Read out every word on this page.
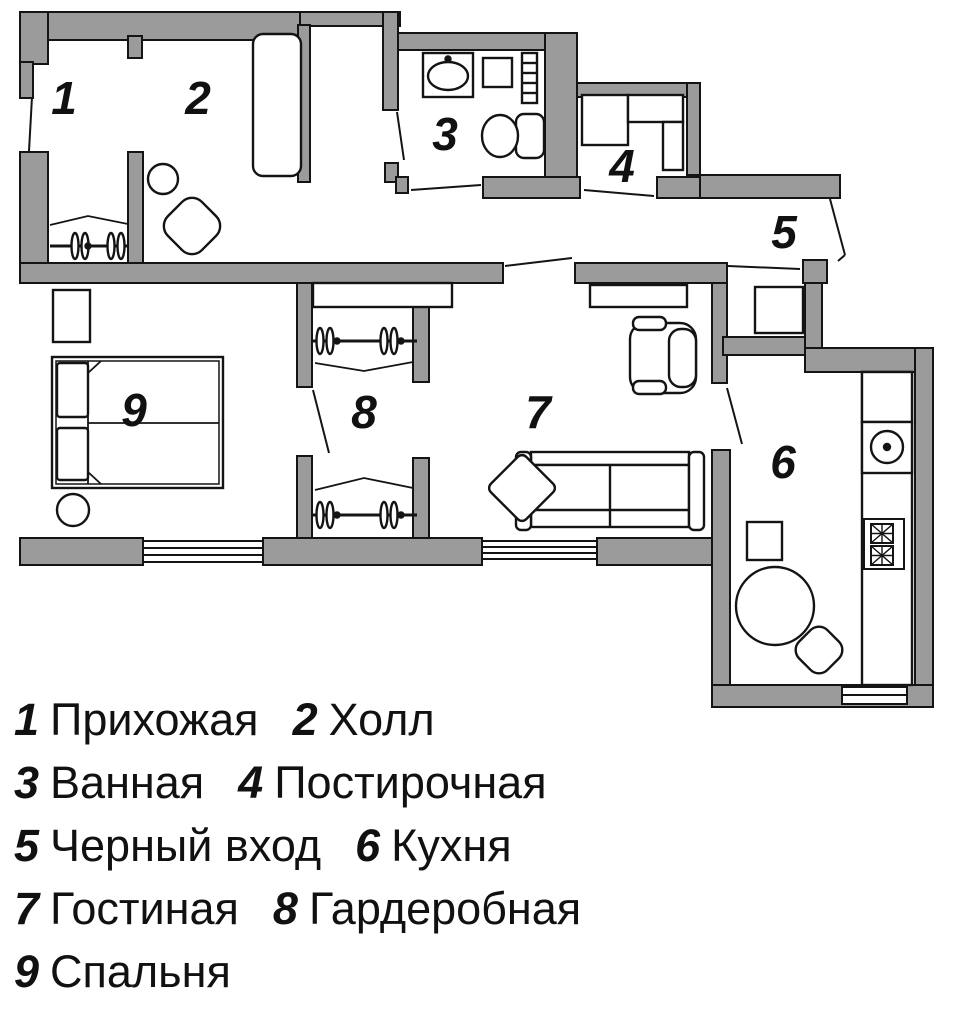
1 2
3
4
5
6
7
8
9
1 Прихожая 2 Холл
3 Ванная 4 Постирочная
5 Черный вход 6 Кухня
7 Гостиная 8 Гардеробная
9 Спальня
